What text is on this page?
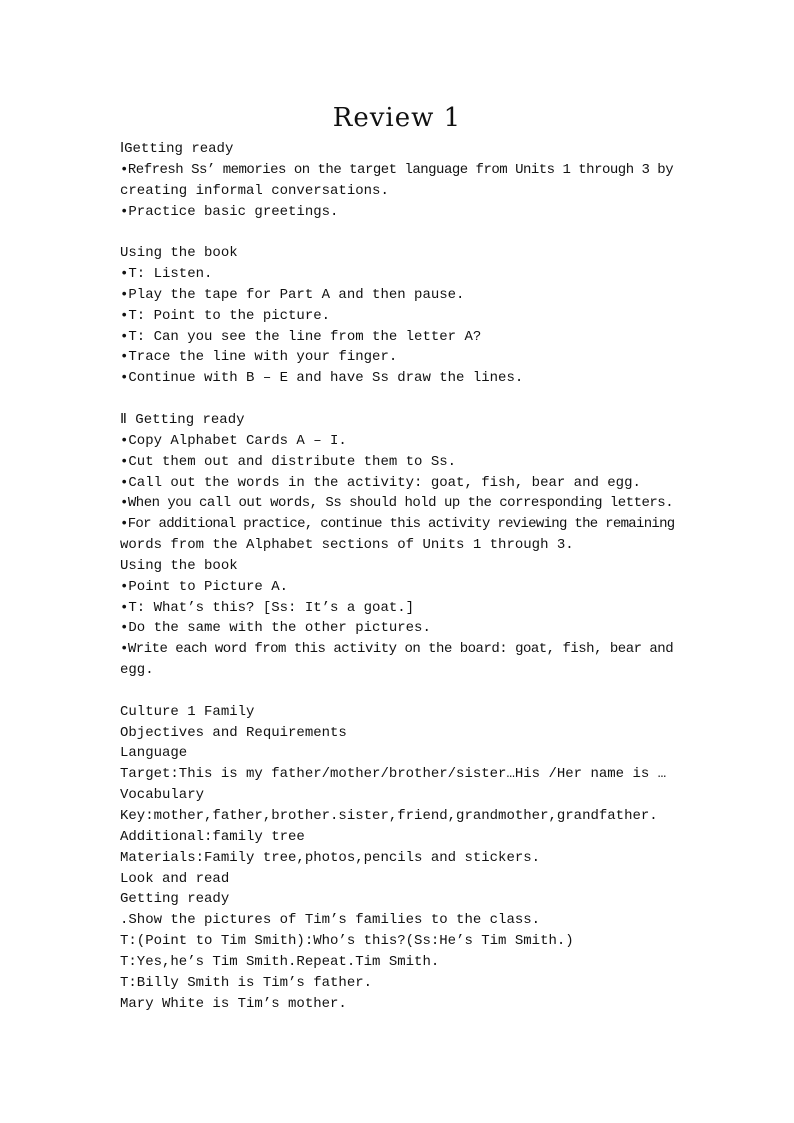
Review 1

ⅠGetting ready

•Refresh Ss’ memories on the target language from Units 1 through 3 by

creating informal conversations.

•Practice basic greetings.

Using the book

•T: Listen.

•Play the tape for Part A and then pause.

•T: Point to the picture.

•T: Can you see the line from the letter A?

•Trace the line with your finger.

•Continue with B – E and have Ss draw the lines.

Ⅱ Getting ready

•Copy Alphabet Cards A – I.

•Cut them out and distribute them to Ss.

•Call out the words in the activity: goat, fish, bear and egg.

•When you call out words, Ss should hold up the corresponding letters.

•For additional practice, continue this activity reviewing the remaining

words from the Alphabet sections of Units 1 through 3.

Using the book

•Point to Picture A.

•T: What’s this? [Ss: It’s a goat.]

•Do the same with the other pictures.

•Write each word from this activity on the board: goat, fish, bear and

egg.

Culture 1 Family

Objectives and Requirements

Language

Target:This is my father/mother/brother/sister…His /Her name is …

Vocabulary

Key:mother,father,brother.sister,friend,grandmother,grandfather.

Additional:family tree

Materials:Family tree,photos,pencils and stickers.

Look and read

Getting ready

.Show the pictures of Tim’s families to the class.

T:(Point to Tim Smith):Who’s this?(Ss:He’s Tim Smith.)

T:Yes,he’s Tim Smith.Repeat.Tim Smith.

T:Billy Smith is Tim’s father.

Mary White is Tim’s mother.
